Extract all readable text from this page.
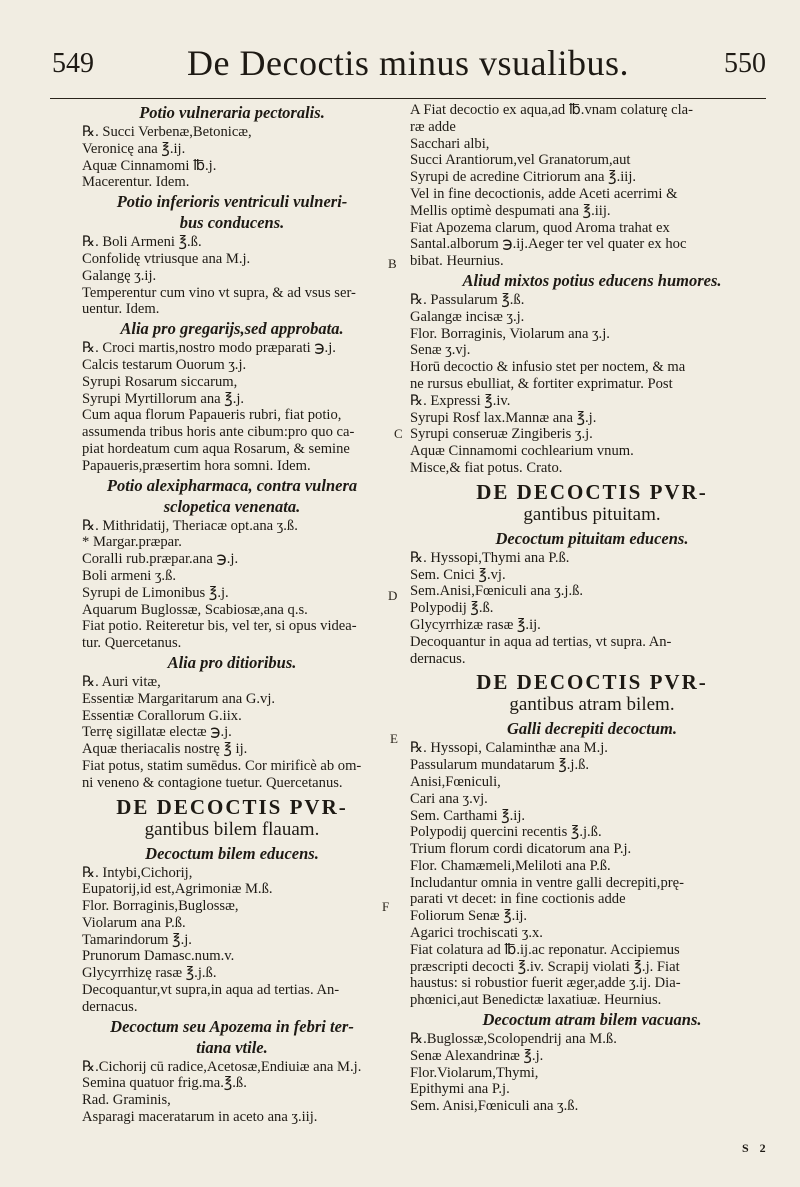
549	De Decoctis minus vsualibus.	550
Potio vulneraria pectoralis.
℞. Succi Verbenæ,Betonicæ,
Veronicę ana ℥.ij.
Aquæ Cinnamomi ℔.j.
Macerentur. Idem.
Potio inferioris ventriculi vulneri-
bus conducens.
℞. Boli Armeni ℥.ß.
Confolidę vtriusque ana M.j.
Galangę ʒ.ij.
Temperentur cum vino vt supra, & ad vsus ser-
uentur. Idem.
Alia pro gregarijs,sed approbata.
℞. Croci martis,nostro modo præparati ℈.j.
Calcis testarum Ouorum ʒ.j.
Syrupi Rosarum siccarum,
Syrupi Myrtillorum ana ℥.j.
Cum aqua florum Papaueris rubri, fiat potio,
assumenda tribus horis ante cibum:pro quo ca-
piat hordeatum cum aqua Rosarum, & semine
Papaueris,præsertim hora somni. Idem.
Potio alexipharmaca, contra vulnera
sclopetica venenata.
℞. Mithridatij, Theriacæ opt.ana ʒ.ß.
* Margar.præpar.
Coralli rub.præpar.ana ℈.j.
Boli armeni ʒ.ß.
Syrupi de Limonibus ℥.j.
Aquarum Buglossæ, Scabiosæ,ana q.s.
Fiat potio. Reiteretur bis, vel ter, si opus videa-
tur. Quercetanus.
Alia pro ditioribus.
℞. Auri vitæ,
Essentiæ Margaritarum ana G.vj.
Essentiæ Corallorum G.iix.
Terrę sigillatæ electæ ℈.j.
Aquæ theriacalis nostrę ℥ ij.
Fiat potus, statim sumēdus. Cor mirificè ab om-
ni veneno & contagione tuetur. Quercetanus.
DE DECOCTIS PVR-
gantibus bilem flauam.
Decoctum bilem educens.
℞. Intybi,Cichorij,
Eupatorij,id est,Agrimoniæ M.ß.
Flor. Borraginis,Buglossæ,
Violarum ana P.ß.
Tamarindorum ℥.j.
Prunorum Damasc.num.v.
Glycyrrhizę rasæ ℥.j.ß.
Decoquantur,vt supra,in aqua ad tertias. An-
dernacus.
Decoctum seu Apozema in febri ter-
tiana vtile.
℞.Cichorij cū radice,Acetosæ,Endiuiæ ana M.j.
Semina quatuor frig.ma.℥.ß.
Rad. Graminis,
Asparagi maceratarum in aceto ana ʒ.iij.
A Fiat decoctio ex aqua,ad ℔.vnam colaturę cla-
ræ adde
Sacchari albi,
Succi Arantiorum,vel Granatorum,aut
Syrupi de acredine Citriorum ana ℥.iij.
Vel in fine decoctionis, adde Aceti acerrimi &
Mellis optimè despumati ana ℥.iij.
Fiat Apozema clarum, quod Aroma trahat ex
Santal.alborum ℈.ij.Aeger ter vel quater ex hoc
bibat. Heurnius.
Aliud mixtos potius educens humores.
℞. Passularum ℥.ß.
Galangæ incisæ ʒ.j.
Flor. Borraginis, Violarum ana ʒ.j.
Senæ ʒ.vj.
Horū decoctio & infusio stet per noctem, & ma
ne rursus ebulliat, & fortiter exprimatur. Post
℞. Expressi ℥.iv.
Syrupi Rosf lax.Mannæ ana ℥.j.
Syrupi conseruæ Zingiberis ʒ.j.
Aquæ Cinnamomi cochlearium vnum.
Misce,& fiat potus. Crato.
DE DECOCTIS PVR-
gantibus pituitam.
Decoctum pituitam educens.
℞. Hyssopi,Thymi ana P.ß.
Sem. Cnici ℥.vj.
Sem.Anisi,Fœniculi ana ʒ.j.ß.
Polypodij ℥.ß.
Glycyrrhizæ rasæ ℥.ij.
Decoquantur in aqua ad tertias, vt supra. An-
dernacus.
DE DECOCTIS PVR-
gantibus atram bilem.
Galli decrepiti decoctum.
℞. Hyssopi, Calaminthæ ana M.j.
Passularum mundatarum ℥.j.ß.
Anisi,Fœniculi,
Cari ana ʒ.vj.
Sem. Carthami ℥.ij.
Polypodij quercini recentis ℥.j.ß.
Trium florum cordi dicatorum ana P.j.
Flor. Chamæmeli,Meliloti ana P.ß.
Includantur omnia in ventre galli decrepiti,prę-
parati vt decet: in fine coctionis adde
Foliorum Senæ ℥.ij.
Agarici trochiscati ʒ.x.
Fiat colatura ad ℔.ij.ac reponatur. Accipiemus
præscripti decocti ℥.iv. Scrapij violati ℥.j. Fiat
haustus: si robustior fuerit æger,adde ʒ.ij. Dia-
phœnici,aut Benedictæ laxatiuæ. Heurnius.
Decoctum atram bilem vacuans.
℞.Buglossæ,Scolopendrij ana M.ß.
Senæ Alexandrinæ ℥.j.
Flor.Violarum,Thymi,
Epithymi ana P.j.
Sem. Anisi,Fœniculi ana ʒ.ß.
B
C
D
E
F
S 2
